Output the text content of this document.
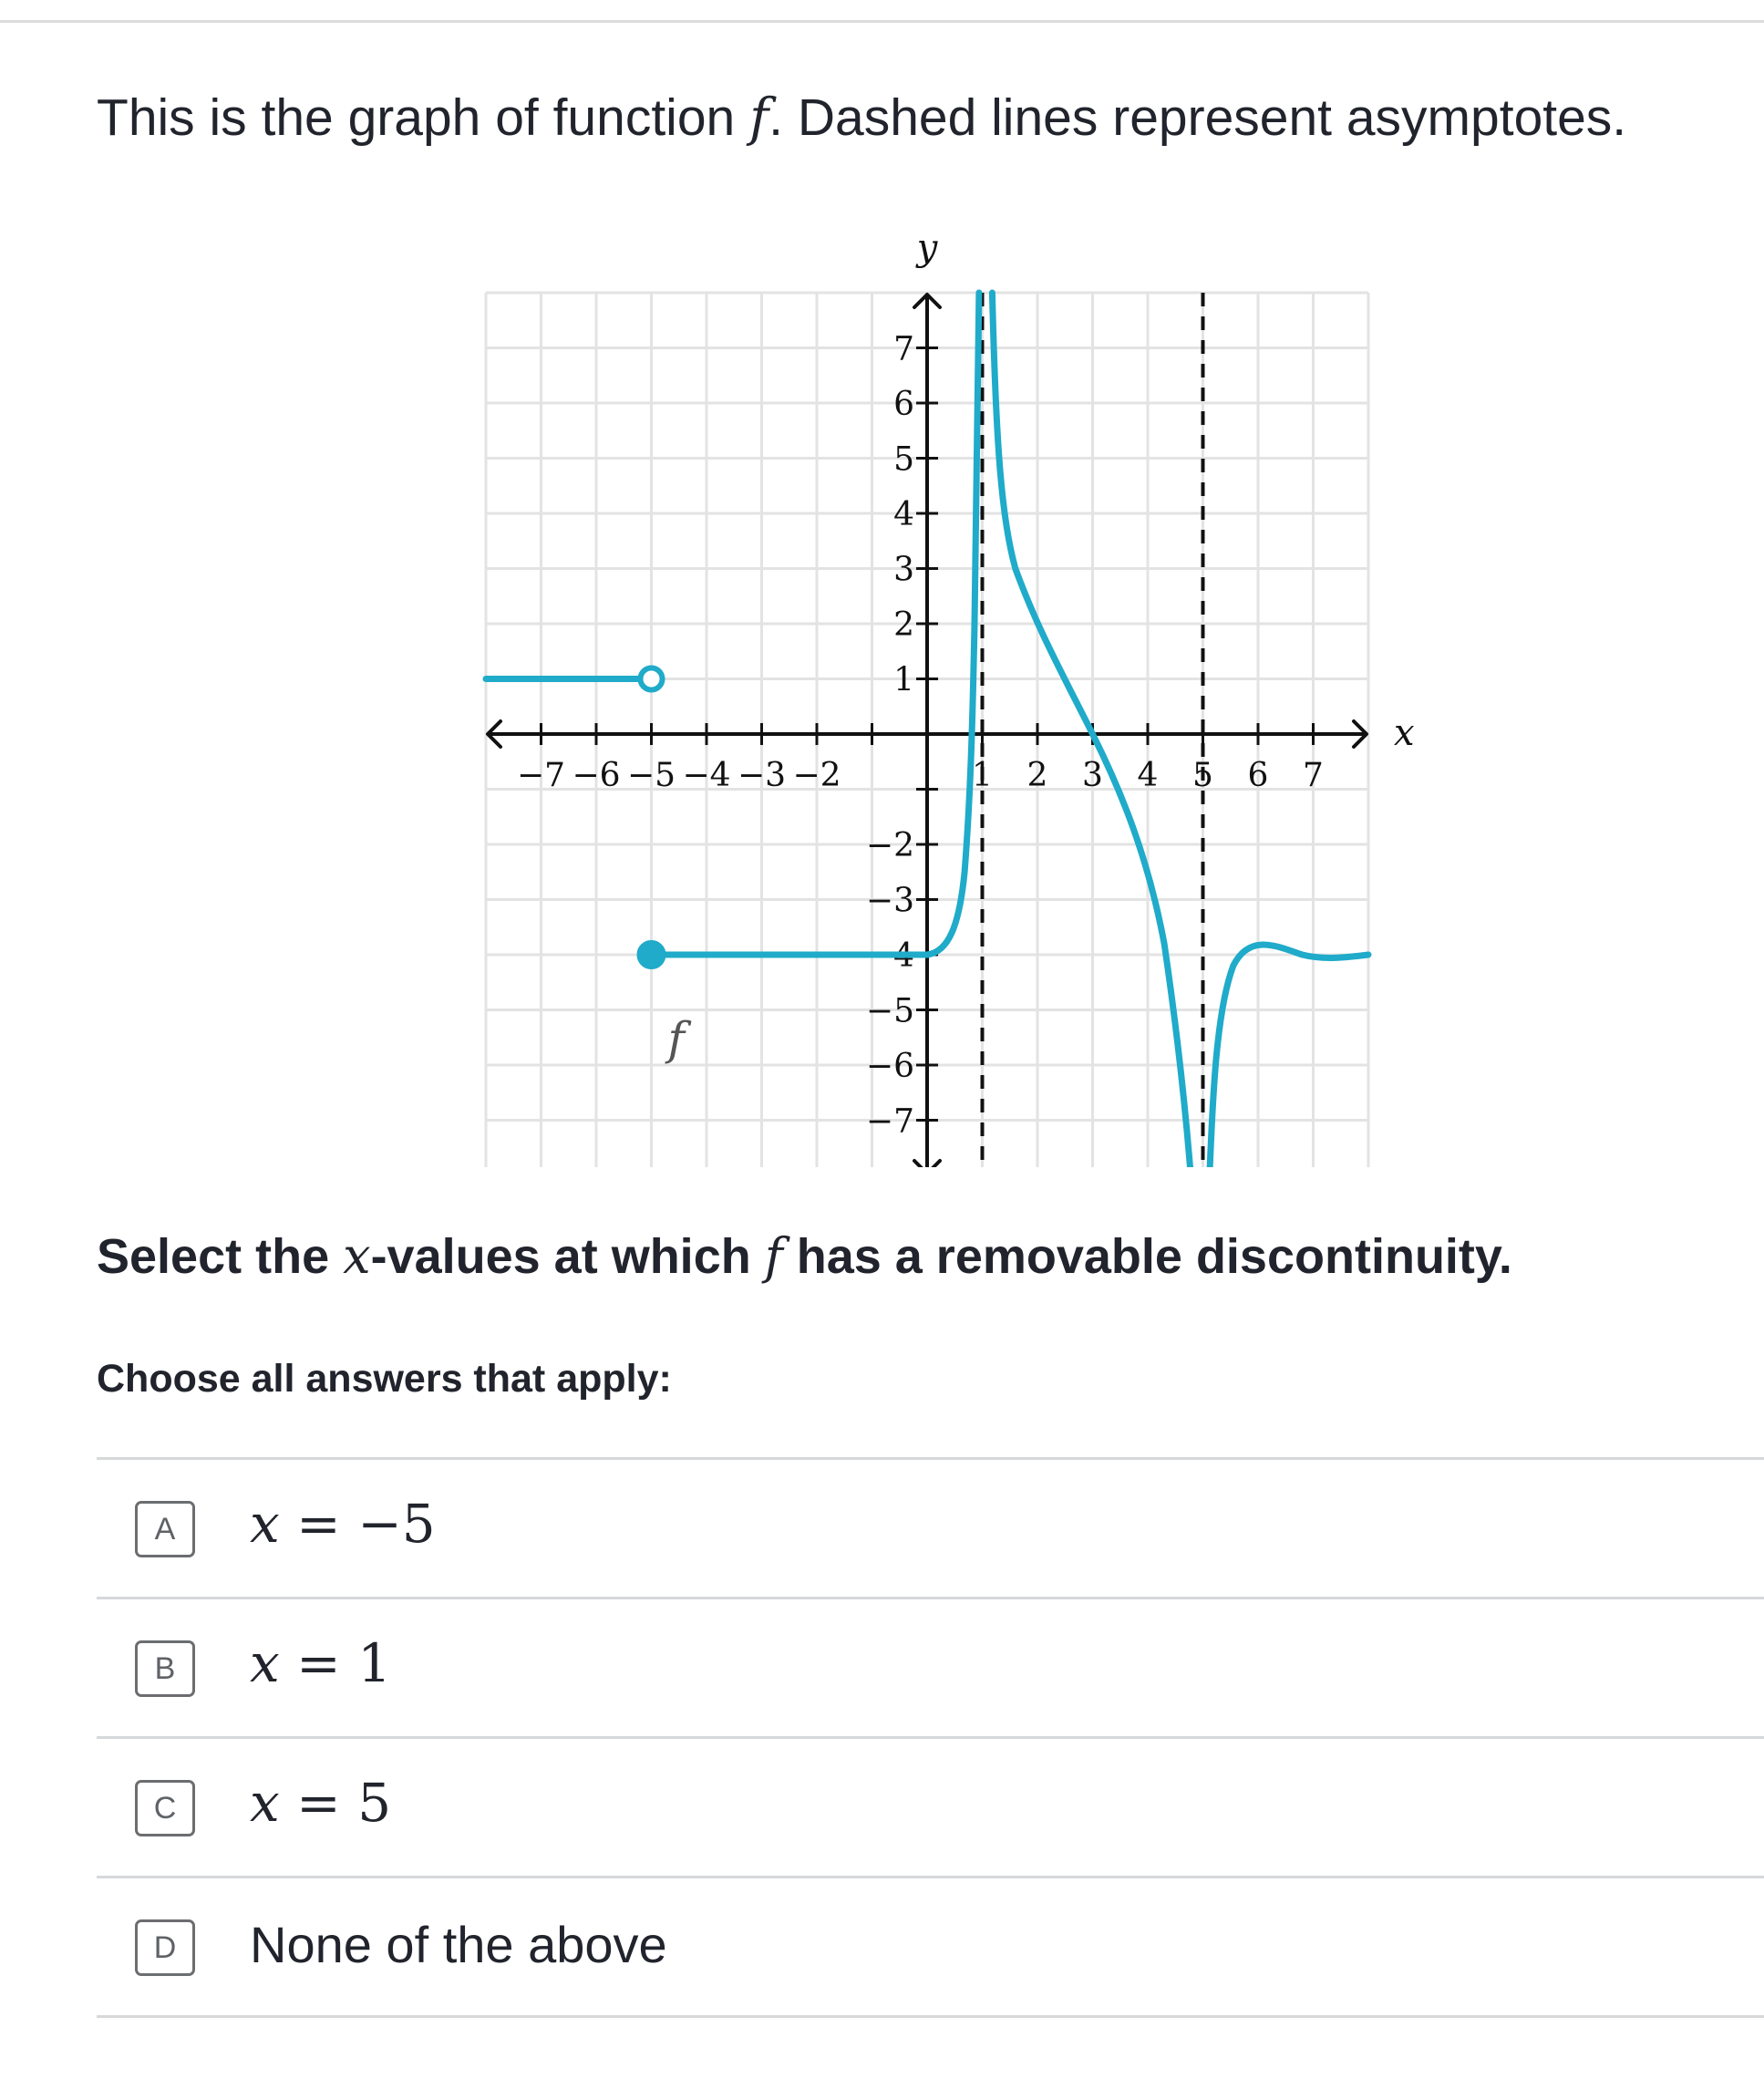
This is the graph of function f. Dashed lines represent asymptotes.
−7 −6 −5 −4 −3 −2	1 2 3 4 5 6 7
7
6
5
4
3
2
1
−2
−3
−4
−5
−6
−7
x
y
f
Select the x-values at which f has a removable discontinuity.
Choose all answers that apply:
A	x = −5
B	x = 1
C	x = 5
D	None of the above
